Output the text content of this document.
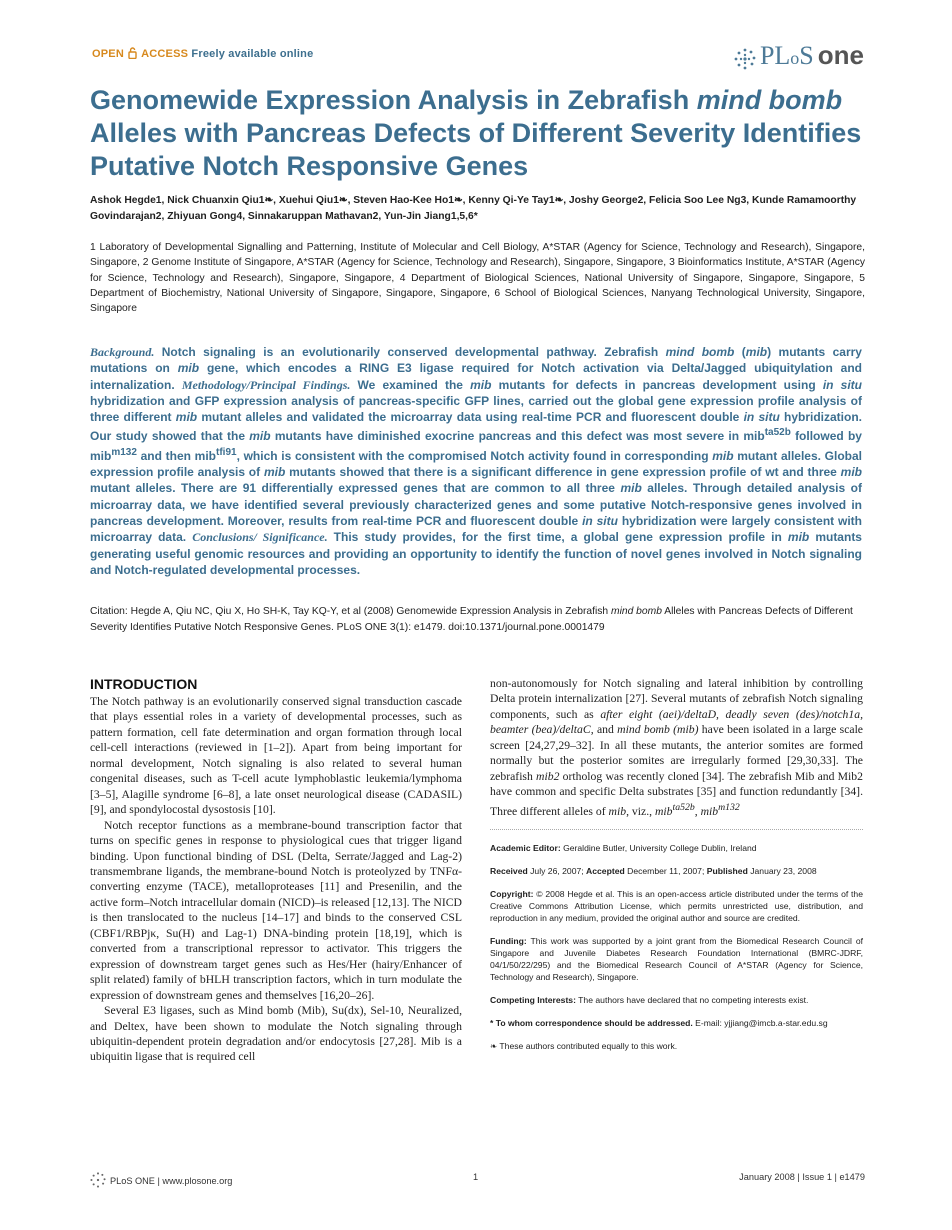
OPEN ACCESS Freely available online	PLoS one
Genomewide Expression Analysis in Zebrafish mind bomb Alleles with Pancreas Defects of Different Severity Identifies Putative Notch Responsive Genes

Ashok Hegde1, Nick Chuanxin Qiu1❧, Xuehui Qiu1❧, Steven Hao-Kee Ho1❧, Kenny Qi-Ye Tay1❧, Joshy George2, Felicia Soo Lee Ng3, Kunde Ramamoorthy Govindarajan2, Zhiyuan Gong4, Sinnakaruppan Mathavan2, Yun-Jin Jiang1,5,6*

1 Laboratory of Developmental Signalling and Patterning, Institute of Molecular and Cell Biology, A*STAR (Agency for Science, Technology and Research), Singapore, Singapore, 2 Genome Institute of Singapore, A*STAR (Agency for Science, Technology and Research), Singapore, Singapore, 3 Bioinformatics Institute, A*STAR (Agency for Science, Technology and Research), Singapore, Singapore, 4 Department of Biological Sciences, National University of Singapore, Singapore, Singapore, 5 Department of Biochemistry, National University of Singapore, Singapore, Singapore, 6 School of Biological Sciences, Nanyang Technological University, Singapore, Singapore

Background. Notch signaling is an evolutionarily conserved developmental pathway. Zebrafish mind bomb (mib) mutants carry mutations on mib gene, which encodes a RING E3 ligase required for Notch activation via Delta/Jagged ubiquitylation and internalization. Methodology/Principal Findings. We examined the mib mutants for defects in pancreas development using in situ hybridization and GFP expression analysis of pancreas-specific GFP lines, carried out the global gene expression profile analysis of three different mib mutant alleles and validated the microarray data using real-time PCR and fluorescent double in situ hybridization. Our study showed that the mib mutants have diminished exocrine pancreas and this defect was most severe in mib$^{ta52b}$ followed by mib$^{m132}$ and then mib$^{tfi91}$, which is consistent with the compromised Notch activity found in corresponding mib mutant alleles. Global expression profile analysis of mib mutants showed that there is a significant difference in gene expression profile of wt and three mib mutant alleles. There are 91 differentially expressed genes that are common to all three mib alleles. Through detailed analysis of microarray data, we have identified several previously characterized genes and some putative Notch-responsive genes involved in pancreas development. Moreover, results from real-time PCR and fluorescent double in situ hybridization were largely consistent with microarray data. Conclusions/ Significance. This study provides, for the first time, a global gene expression profile in mib mutants generating useful genomic resources and providing an opportunity to identify the function of novel genes involved in Notch signaling and Notch-regulated developmental processes.

Citation: Hegde A, Qiu NC, Qiu X, Ho SH-K, Tay KQ-Y, et al (2008) Genomewide Expression Analysis in Zebrafish mind bomb Alleles with Pancreas Defects of Different Severity Identifies Putative Notch Responsive Genes. PLoS ONE 3(1): e1479. doi:10.1371/journal.pone.0001479

INTRODUCTION

The Notch pathway is an evolutionarily conserved signal transduction cascade that plays essential roles in a variety of developmental processes, such as pattern formation, cell fate determination and organ formation through local cell-cell interactions (reviewed in [1–2]). Apart from being important for normal development, Notch signaling is also related to several human congenital diseases, such as T-cell acute lymphoblastic leukemia/lymphoma [3–5], Alagille syndrome [6–8], a late onset neurological disease (CADASIL) [9], and spondylocostal dysostosis [10].

Notch receptor functions as a membrane-bound transcription factor that turns on specific genes in response to physiological cues that trigger ligand binding. Upon functional binding of DSL (Delta, Serrate/Jagged and Lag-2) transmembrane ligands, the membrane-bound Notch is proteolyzed by TNFα-converting enzyme (TACE), metalloproteases [11] and Presenilin, and the active form–Notch intracellular domain (NICD)–is released [12,13]. The NICD is then translocated to the nucleus [14–17] and binds to the conserved CSL (CBF1/RBPjκ, Su(H) and Lag-1) DNA-binding protein [18,19], which is converted from a transcriptional repressor to activator. This triggers the expression of downstream target genes such as Hes/Her (hairy/Enhancer of split related) family of bHLH transcription factors, which in turn modulate the expression of downstream genes and themselves [16,20–26].

Several E3 ligases, such as Mind bomb (Mib), Su(dx), Sel-10, Neuralized, and Deltex, have been shown to modulate the Notch signaling through ubiquitin-dependent protein degradation and/or endocytosis [27,28]. Mib is a ubiquitin ligase that is required cell

non-autonomously for Notch signaling and lateral inhibition by controlling Delta protein internalization [27]. Several mutants of zebrafish Notch signaling components, such as after eight (aei)/deltaD, deadly seven (des)/notch1a, beamter (bea)/deltaC, and mind bomb (mib) have been isolated in a large scale screen [24,27,29–32]. In all these mutants, the anterior somites are formed normally but the posterior somites are irregularly formed [29,30,33]. The zebrafish mib2 ortholog was recently cloned [34]. The zebrafish Mib and Mib2 have common and specific Delta substrates [35] and function redundantly [34]. Three different alleles of mib, viz., mib$^{ta52b}$, mib$^{m132}$

Academic Editor: Geraldine Butler, University College Dublin, Ireland

Received July 26, 2007; Accepted December 11, 2007; Published January 23, 2008

Copyright: © 2008 Hegde et al. This is an open-access article distributed under the terms of the Creative Commons Attribution License, which permits unrestricted use, distribution, and reproduction in any medium, provided the original author and source are credited.

Funding: This work was supported by a joint grant from the Biomedical Research Council of Singapore and Juvenile Diabetes Research Foundation International (BMRC-JDRF, 04/1/50/22/295) and the Biomedical Research Council of A*STAR (Agency for Science, Technology and Research), Singapore.

Competing Interests: The authors have declared that no competing interests exist.

* To whom correspondence should be addressed. E-mail: yjjiang@imcb.a-star.edu.sg

❧ These authors contributed equally to this work.

PLoS ONE | www.plosone.org	1	January 2008 | Issue 1 | e1479
